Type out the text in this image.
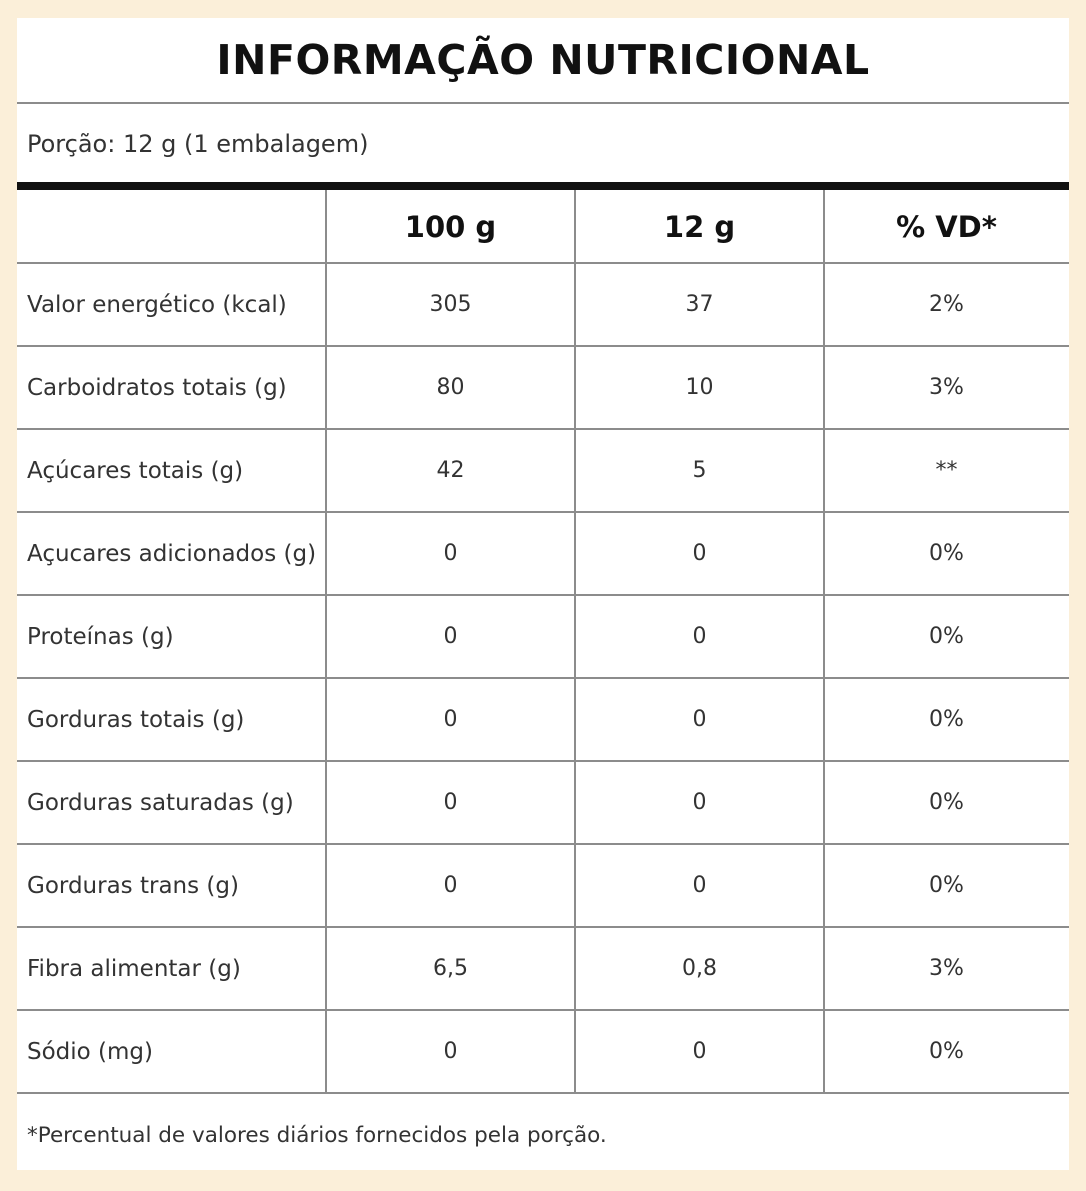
INFORMAÇÃO NUTRICIONAL
Porção: 12 g (1 embalagem)
	100 g	12 g	% VD*
Valor energético (kcal)	305	37	2%
Carboidratos totais (g)	80	10	3%
Açúcares totais (g)	42	5	**
Açucares adicionados (g)	0	0	0%
Proteínas (g)	0	0	0%
Gorduras totais (g)	0	0	0%
Gorduras saturadas (g)	0	0	0%
Gorduras trans (g)	0	0	0%
Fibra alimentar (g)	6,5	0,8	3%
Sódio (mg)	0	0	0%
*Percentual de valores diários fornecidos pela porção.
